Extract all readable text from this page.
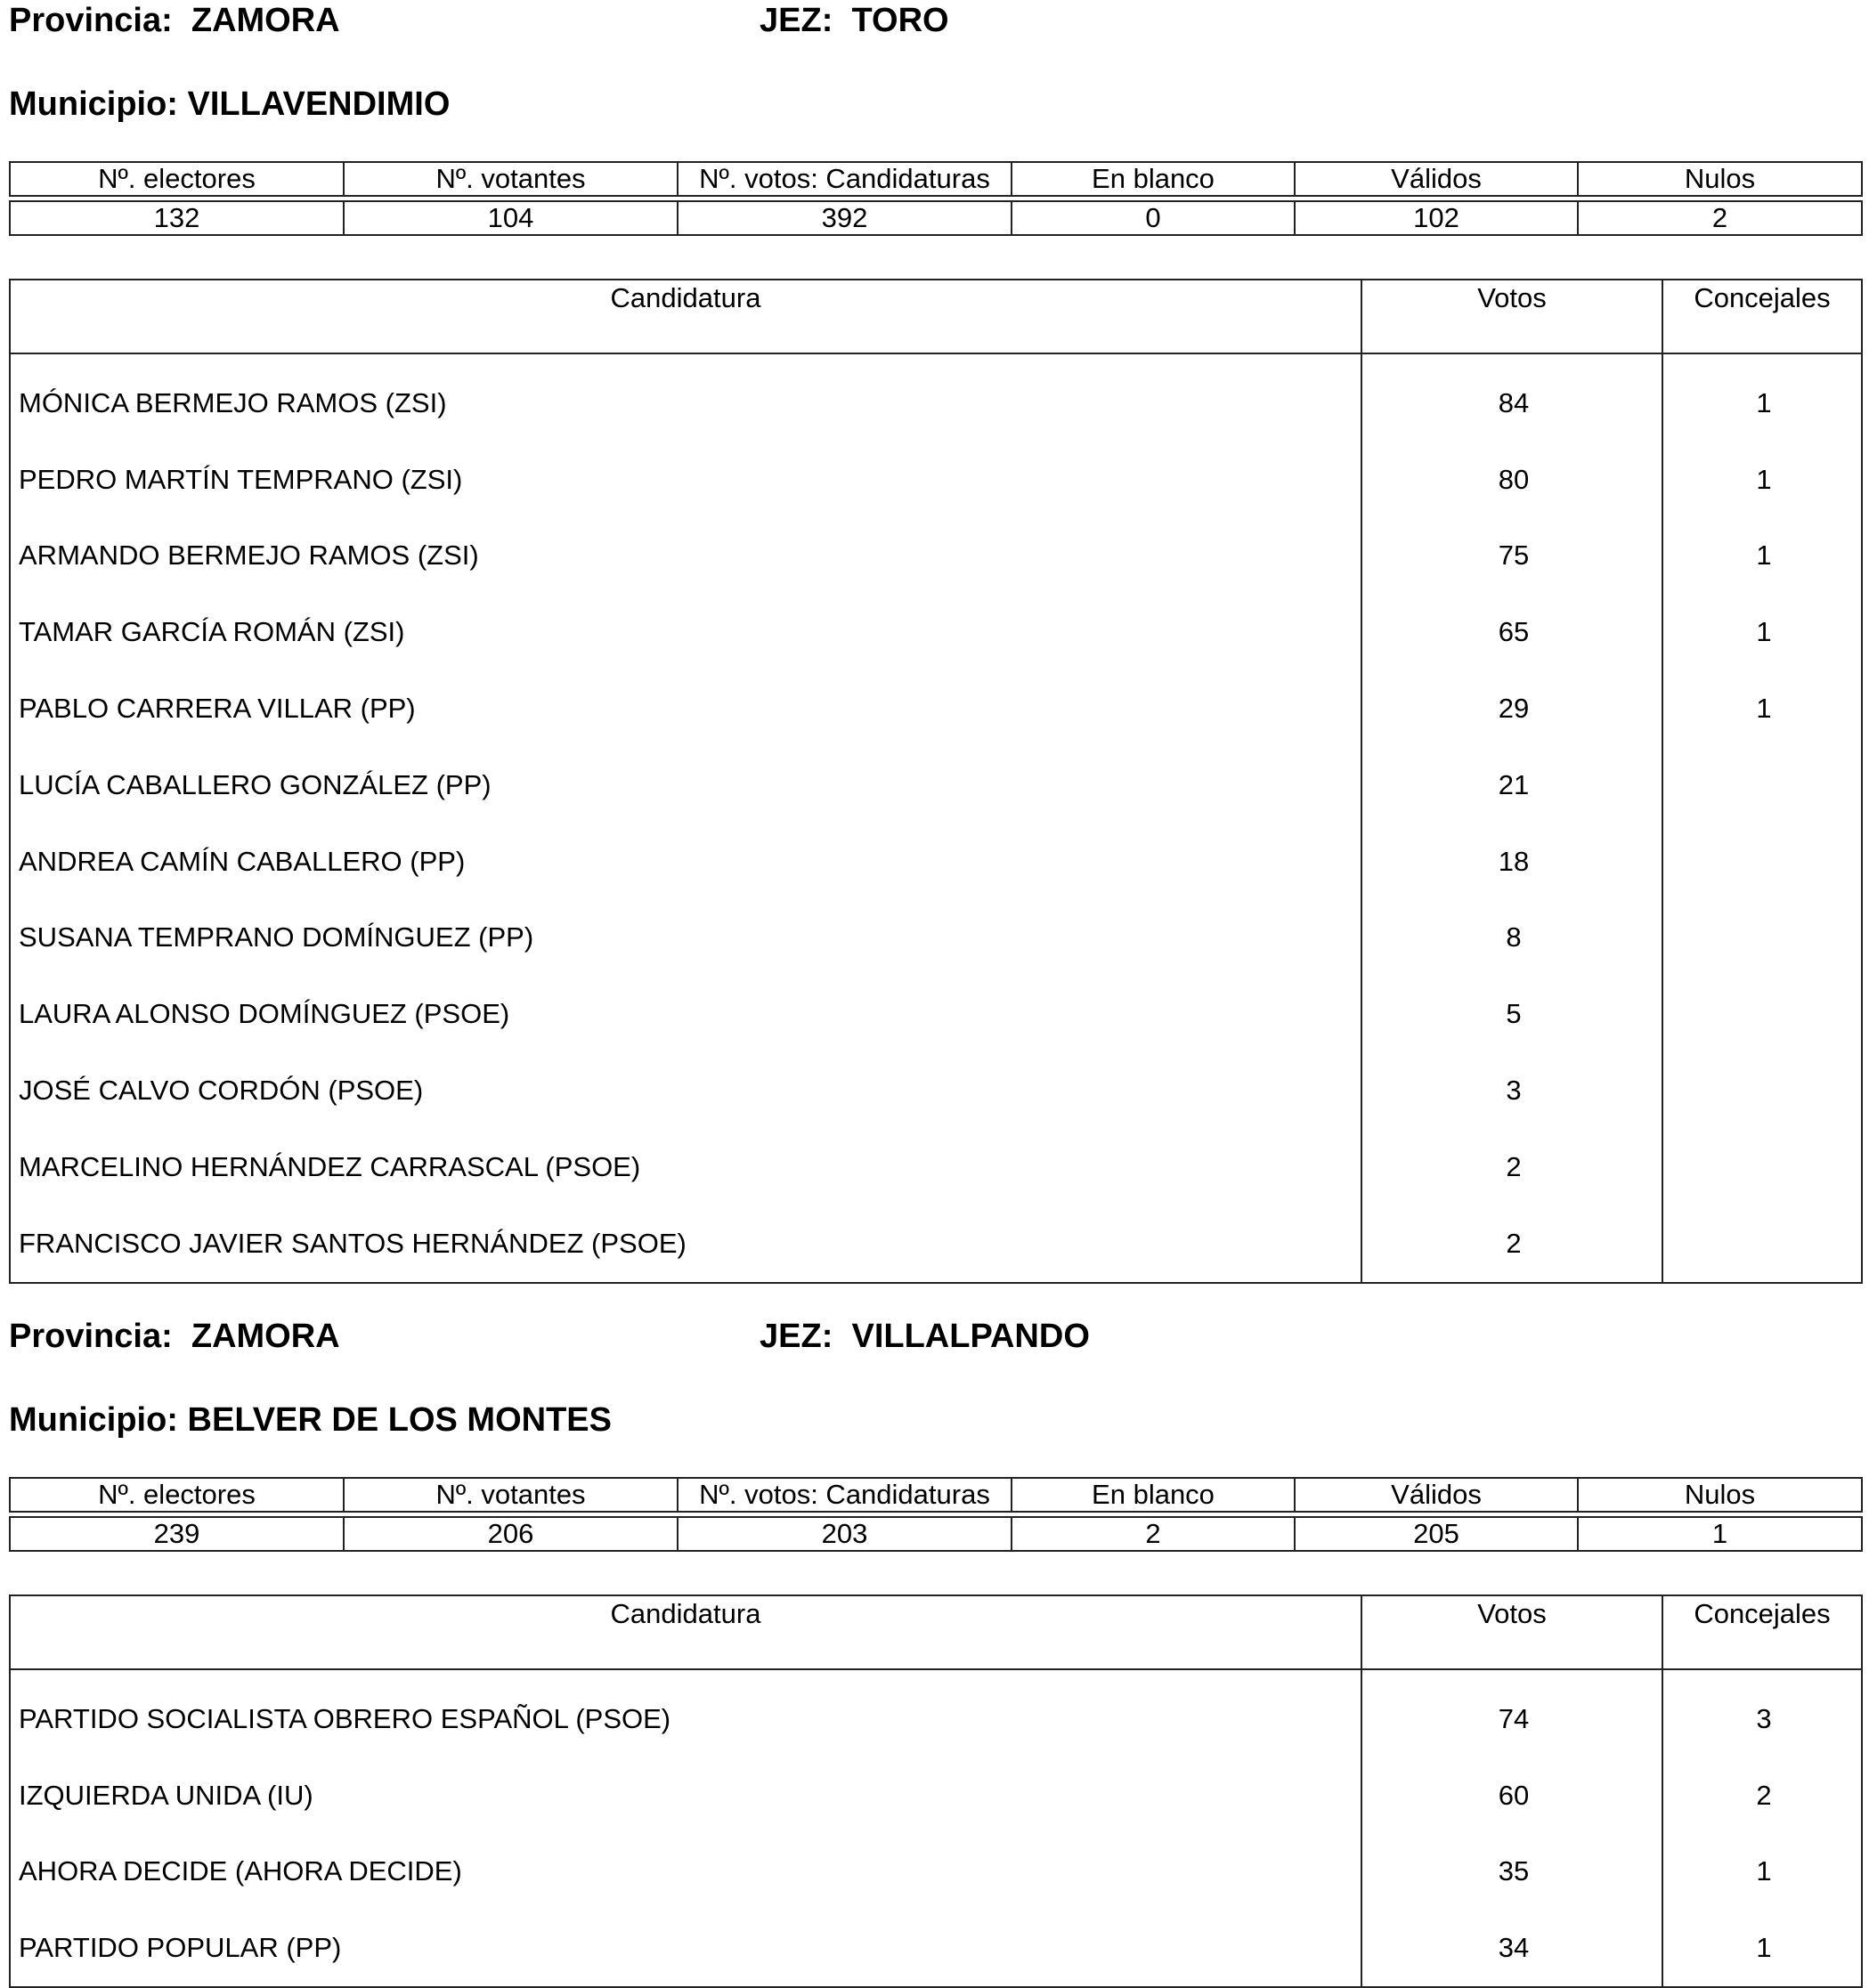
Provincia: ZAMORA	JEZ: TORO
Municipio: VILLAVENDIMIO
Nº. electores	Nº. votantes	Nº. votos: Candidaturas	En blanco	Válidos	Nulos
132	104	392	0	102	2
Candidatura	Votos	Concejales
MÓNICA BERMEJO RAMOS (ZSI)	84	1
PEDRO MARTÍN TEMPRANO (ZSI)	80	1
ARMANDO BERMEJO RAMOS (ZSI)	75	1
TAMAR GARCÍA ROMÁN (ZSI)	65	1
PABLO CARRERA VILLAR (PP)	29	1
LUCÍA CABALLERO GONZÁLEZ (PP)	21	
ANDREA CAMÍN CABALLERO (PP)	18	
SUSANA TEMPRANO DOMÍNGUEZ (PP)	8	
LAURA ALONSO DOMÍNGUEZ (PSOE)	5	
JOSÉ CALVO CORDÓN (PSOE)	3	
MARCELINO HERNÁNDEZ CARRASCAL (PSOE)	2	
FRANCISCO JAVIER SANTOS HERNÁNDEZ (PSOE)	2	
Provincia: ZAMORA	JEZ: VILLALPANDO
Municipio: BELVER DE LOS MONTES
Nº. electores	Nº. votantes	Nº. votos: Candidaturas	En blanco	Válidos	Nulos
239	206	203	2	205	1
Candidatura	Votos	Concejales
PARTIDO SOCIALISTA OBRERO ESPAÑOL (PSOE)	74	3
IZQUIERDA UNIDA (IU)	60	2
AHORA DECIDE (AHORA DECIDE)	35	1
PARTIDO POPULAR (PP)	34	1
